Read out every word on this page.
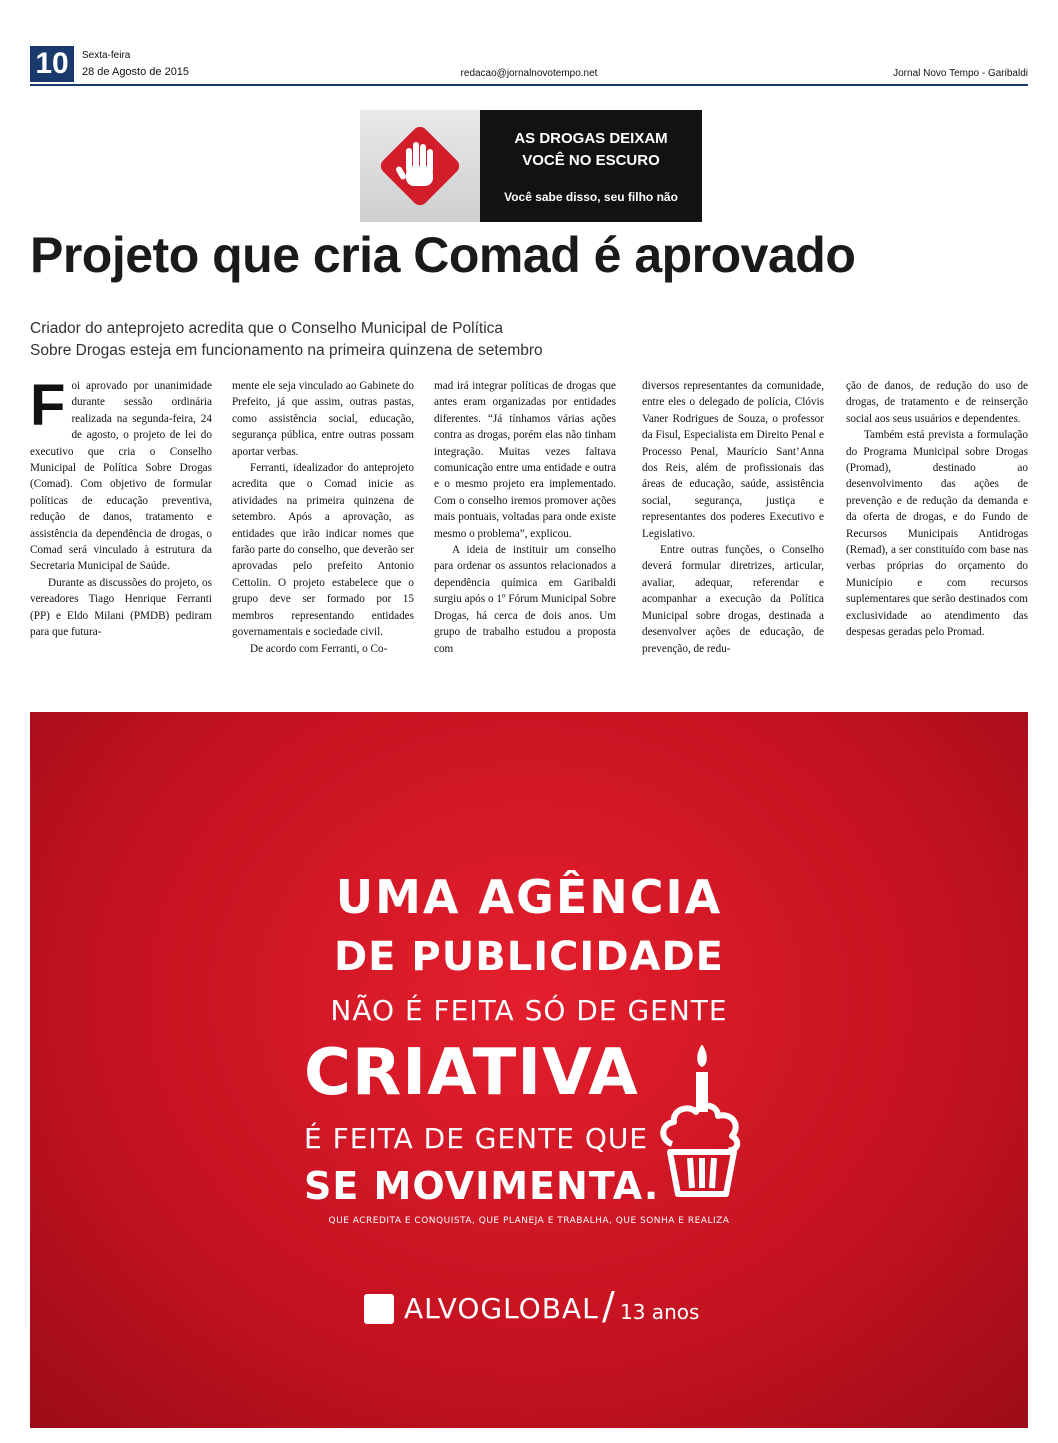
10	Sexta-feira
28 de Agosto de 2015	redacao@jornalnovotempo.net	Jornal Novo Tempo - Garibaldi
AS DROGAS DEIXAM
VOCÊ NO ESCURO
Você sabe disso, seu filho não
Projeto que cria Comad é aprovado
Criador do anteprojeto acredita que o Conselho Municipal de Política
Sobre Drogas esteja em funcionamento na primeira quinzena de setembro
F oi aprovado por unanimidade durante sessão ordinária realizada na segunda-feira, 24 de agosto, o projeto de lei do executivo que cria o Conselho Municipal de Política Sobre Drogas (Comad). Com objetivo de formular políticas de educação preventiva, redução de danos, tratamento e assistência da dependência de drogas, o Comad será vinculado à estrutura da Secretaria Municipal de Saúde.

Durante as discussões do projeto, os vereadores Tiago Henrique Ferranti (PP) e Eldo Milani (PMDB) pediram para que futura-

mente ele seja vinculado ao Gabinete do Prefeito, já que assim, outras pastas, como assistência social, educação, segurança pública, entre outras possam aportar verbas.

Ferranti, idealizador do anteprojeto acredita que o Comad inicie as atividades na primeira quinzena de setembro. Após a aprovação, as entidades que irão indicar nomes que farão parte do conselho, que deverão ser aprovadas pelo prefeito Antonio Cettolin. O projeto estabelece que o grupo deve ser formado por 15 membros representando entidades governamentais e sociedade civil.

De acordo com Ferranti, o Co-

mad irá integrar políticas de drogas que antes eram organizadas por entidades diferentes. “Já tínhamos várias ações contra as drogas, porém elas não tinham integração. Muitas vezes faltava comunicação entre uma entidade e outra e o mesmo projeto era implementado. Com o conselho iremos promover ações mais pontuais, voltadas para onde existe mesmo o problema”, explicou.

A ideia de instituir um conselho para ordenar os assuntos relacionados a dependência química em Garibaldi surgiu após o 1º Fórum Municipal Sobre Drogas, há cerca de dois anos. Um grupo de trabalho estudou a proposta com

diversos representantes da comunidade, entre eles o delegado de polícia, Clóvis Vaner Rodrigues de Souza, o professor da Fisul, Especialista em Direito Penal e Processo Penal, Maurício Sant’Anna dos Reis, além de profissionais das áreas de educação, saúde, assistência social, segurança, justiça e representantes dos poderes Executivo e Legislativo.

Entre outras funções, o Conselho deverá formular diretrizes, articular, avaliar, adequar, referendar e acompanhar a execução da Política Municipal sobre drogas, destinada a desenvolver ações de educação, de prevenção, de redu-

ção de danos, de redução do uso de drogas, de tratamento e de reinserção social aos seus usuários e dependentes.

Também está prevista a formulação do Programa Municipal sobre Drogas (Promad), destinado ao desenvolvimento das ações de prevenção e de redução da demanda e da oferta de drogas, e do Fundo de Recursos Municipais Antidrogas (Remad), a ser constituído com base nas verbas próprias do orçamento do Município e com recursos suplementares que serão destinados com exclusividade ao atendimento das despesas geradas pelo Promad.

UMA AGÊNCIA
DE PUBLICIDADE
NÃO É FEITA SÓ DE GENTE
CRIATIVA
É FEITA DE GENTE QUE
SE MOVIMENTA.
QUE ACREDITA E CONQUISTA, QUE PLANEJA E TRABALHA, QUE SONHA E REALIZA
ALVOGLOBAL / 13 anos
